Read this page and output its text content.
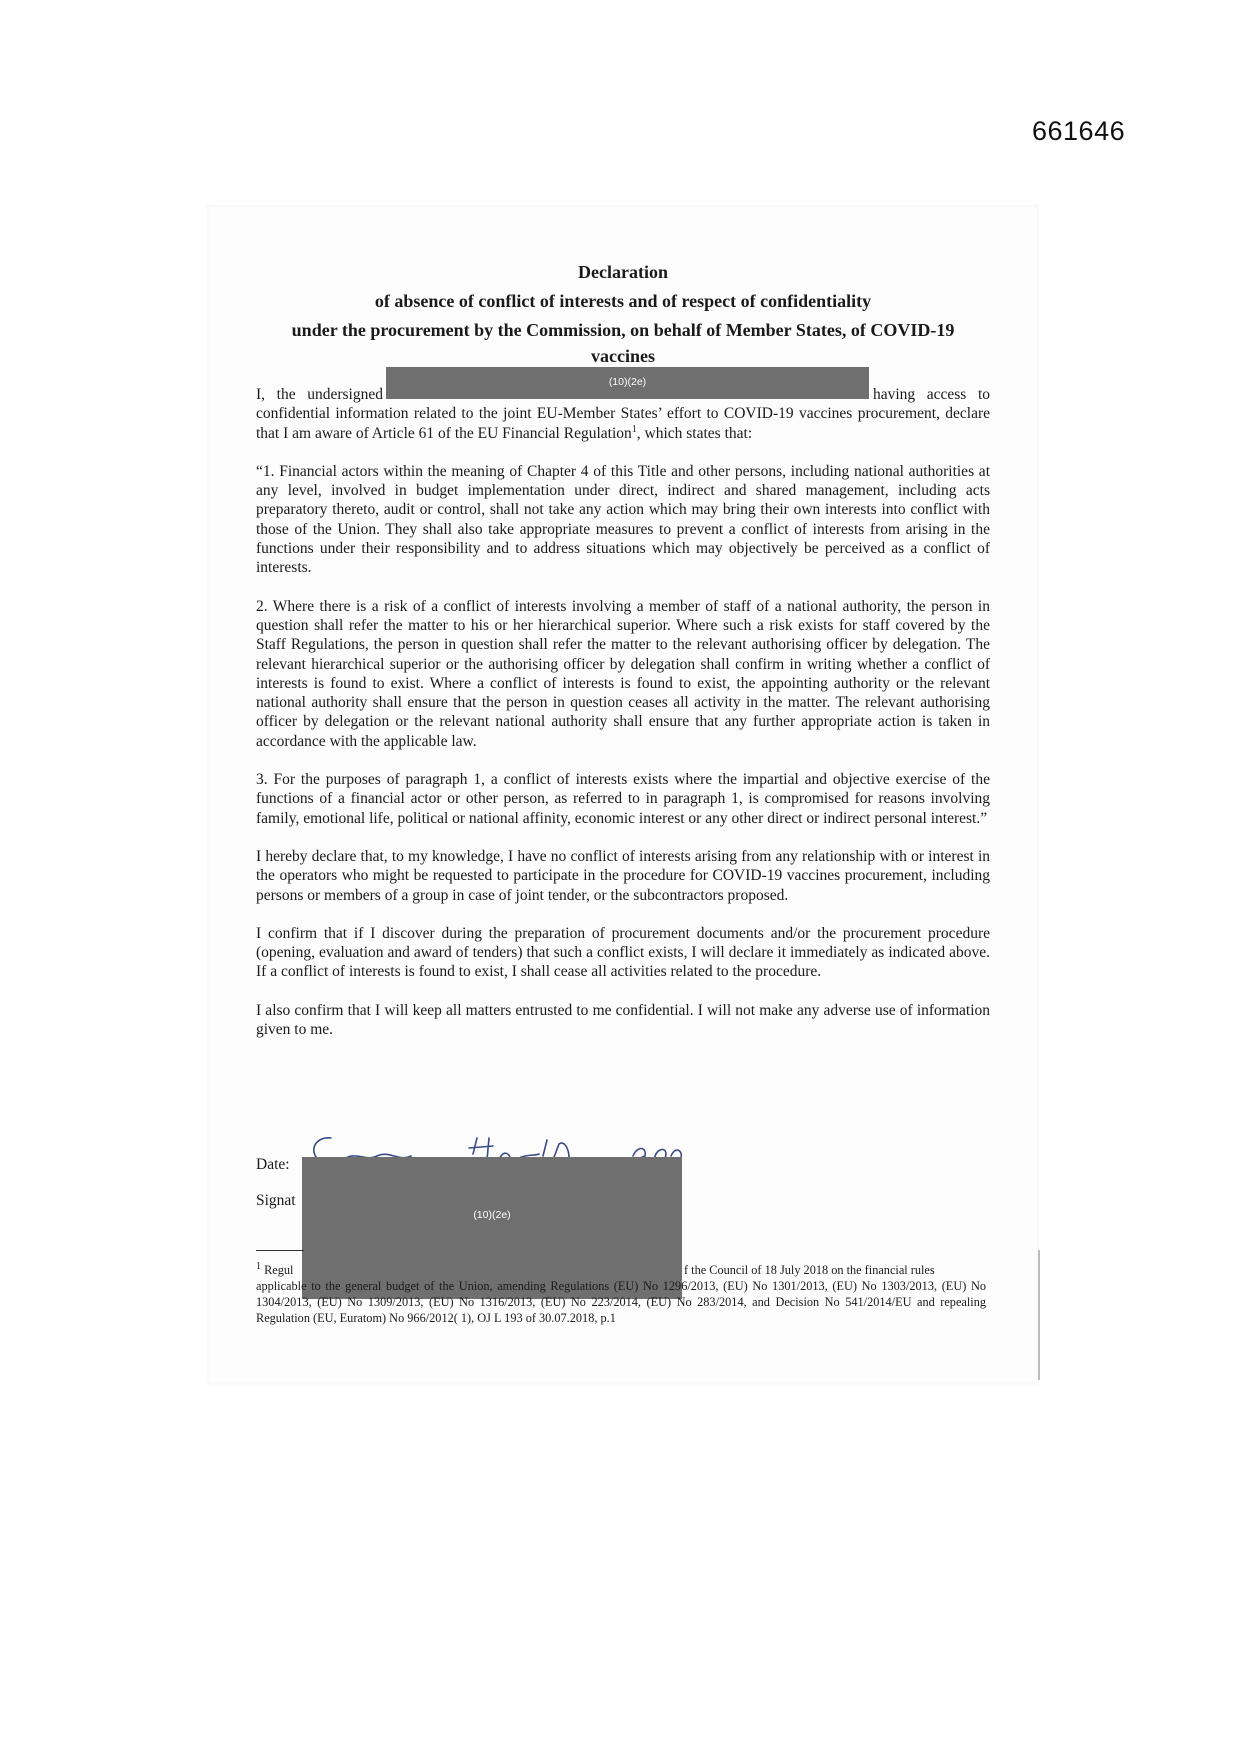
661646
Declaration
of absence of conflict of interests and of respect of confidentiality
under the procurement by the Commission, on behalf of Member States, of COVID-19
vaccines

I, the undersigned	having access to confidential information related to the joint EU-Member States’ effort to COVID-19 vaccines procurement, declare that I am aware of Article 61 of the EU Financial Regulation$^1$, which states that:

“1. Financial actors within the meaning of Chapter 4 of this Title and other persons, including national authorities at any level, involved in budget implementation under direct, indirect and shared management, including acts preparatory thereto, audit or control, shall not take any action which may bring their own interests into conflict with those of the Union. They shall also take appropriate measures to prevent a conflict of interests from arising in the functions under their responsibility and to address situations which may objectively be perceived as a conflict of interests.

2. Where there is a risk of a conflict of interests involving a member of staff of a national authority, the person in question shall refer the matter to his or her hierarchical superior. Where such a risk exists for staff covered by the Staff Regulations, the person in question shall refer the matter to the relevant authorising officer by delegation. The relevant hierarchical superior or the authorising officer by delegation shall confirm in writing whether a conflict of interests is found to exist. Where a conflict of interests is found to exist, the appointing authority or the relevant national authority shall ensure that the person in question ceases all activity in the matter. The relevant authorising officer by delegation or the relevant national authority shall ensure that any further appropriate action is taken in accordance with the applicable law.

3. For the purposes of paragraph 1, a conflict of interests exists where the impartial and objective exercise of the functions of a financial actor or other person, as referred to in paragraph 1, is compromised for reasons involving family, emotional life, political or national affinity, economic interest or any other direct or indirect personal interest.”

I hereby declare that, to my knowledge, I have no conflict of interests arising from any relationship with or interest in the operators who might be requested to participate in the procedure for COVID-19 vaccines procurement, including persons or members of a group in case of joint tender, or the subcontractors proposed.

I confirm that if I discover during the preparation of procurement documents and/or the procurement procedure (opening, evaluation and award of tenders) that such a conflict exists, I will declare it immediately as indicated above. If a conflict of interests is found to exist, I shall cease all activities related to the procedure.

I also confirm that I will keep all matters entrusted to me confidential. I will not make any adverse use of information given to me.

(10)(2e)
Date:
Signat
(10)(2e)
$^1$ Regul	f the Council of 18 July 2018 on the financial rules
applicable to the general budget of the Union, amending Regulations (EU) No 1296/2013, (EU) No 1301/2013, (EU) No 1303/2013, (EU) No 1304/2013, (EU) No 1309/2013, (EU) No 1316/2013, (EU) No 223/2014, (EU) No 283/2014, and Decision No 541/2014/EU and repealing Regulation (EU, Euratom) No 966/2012( 1), OJ L 193 of 30.07.2018, p.1
